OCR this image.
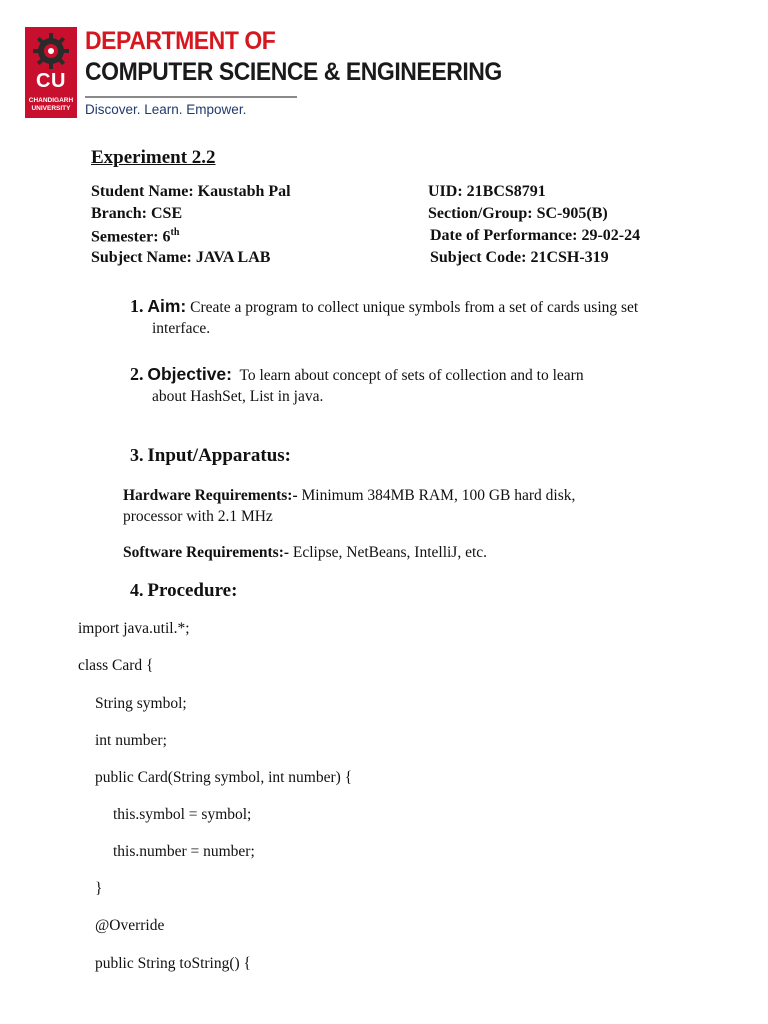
CU
CHANDIGARH UNIVERSITY
DEPARTMENT OF
COMPUTER SCIENCE & ENGINEERING
Discover. Learn. Empower.
Experiment 2.2
Student Name: Kaustabh Pal	UID: 21BCS8791
Branch: CSE	Section/Group: SC-905(B)
Semester: 6th	Date of Performance: 29-02-24
Subject Name: JAVA LAB	Subject Code: 21CSH-319
1. Aim: Create a program to collect unique symbols from a set of cards using set
interface.
2. Objective: To learn about concept of sets of collection and to learn
about HashSet, List in java.
3. Input/Apparatus:
Hardware Requirements:- Minimum 384MB RAM, 100 GB hard disk,
processor with 2.1 MHz
Software Requirements:- Eclipse, NetBeans, IntelliJ, etc.
4. Procedure:
import java.util.*;
class Card {
String symbol;
int number;
public Card(String symbol, int number) {
this.symbol = symbol;
this.number = number;
}
@Override
public String toString() {
